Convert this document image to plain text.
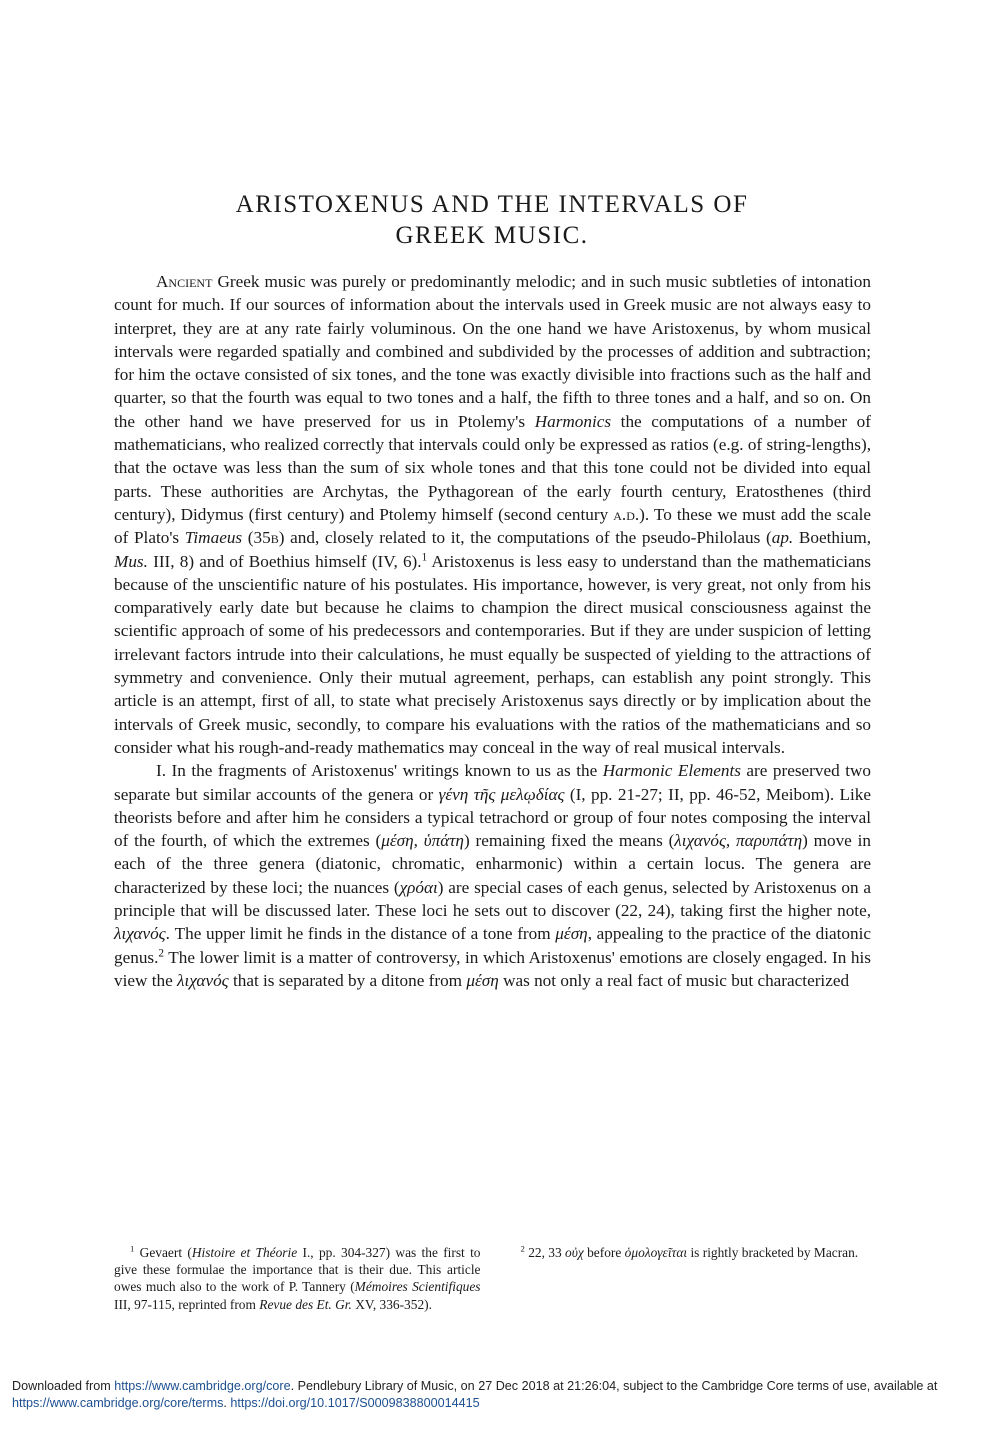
ARISTOXENUS AND THE INTERVALS OF
GREEK MUSIC.

Ancient Greek music was purely or predominantly melodic; and in such music subtleties of intonation count for much. If our sources of information about the intervals used in Greek music are not always easy to interpret, they are at any rate fairly voluminous. On the one hand we have Aristoxenus, by whom musical intervals were regarded spatially and combined and subdivided by the processes of addition and subtraction; for him the octave consisted of six tones, and the tone was exactly divisible into fractions such as the half and quarter, so that the fourth was equal to two tones and a half, the fifth to three tones and a half, and so on. On the other hand we have preserved for us in Ptolemy's Harmonics the computations of a number of mathematicians, who realized correctly that intervals could only be expressed as ratios (e.g. of string-lengths), that the octave was less than the sum of six whole tones and that this tone could not be divided into equal parts. These authorities are Archytas, the Pythagorean of the early fourth century, Eratosthenes (third century), Didymus (first century) and Ptolemy himself (second century a.d.). To these we must add the scale of Plato's Timaeus (35b) and, closely related to it, the computations of the pseudo-Philolaus (ap. Boethium, Mus. III, 8) and of Boethius himself (IV, 6).$^1$ Aristoxenus is less easy to understand than the mathematicians because of the unscientific nature of his postulates. His importance, however, is very great, not only from his comparatively early date but because he claims to champion the direct musical consciousness against the scientific approach of some of his predecessors and contemporaries. But if they are under suspicion of letting irrelevant factors intrude into their calculations, he must equally be suspected of yielding to the attractions of symmetry and convenience. Only their mutual agreement, perhaps, can establish any point strongly. This article is an attempt, first of all, to state what precisely Aristoxenus says directly or by implication about the intervals of Greek music, secondly, to compare his evaluations with the ratios of the mathematicians and so consider what his rough-and-ready mathematics may conceal in the way of real musical intervals.

I. In the fragments of Aristoxenus' writings known to us as the Harmonic Elements are preserved two separate but similar accounts of the genera or γένη τῆς μελῳδίας (I, pp. 21-27; II, pp. 46-52, Meibom). Like theorists before and after him he considers a typical tetrachord or group of four notes composing the interval of the fourth, of which the extremes (μέση, ὑπάτη) remaining fixed the means (λιχανός, παρυπάτη) move in each of the three genera (diatonic, chromatic, enharmonic) within a certain locus. The genera are characterized by these loci; the nuances (χρόαι) are special cases of each genus, selected by Aristoxenus on a principle that will be discussed later. These loci he sets out to discover (22, 24), taking first the higher note, λιχανός. The upper limit he finds in the distance of a tone from μέση, appealing to the practice of the diatonic genus.$^2$ The lower limit is a matter of controversy, in which Aristoxenus' emotions are closely engaged. In his view the λιχανός that is separated by a ditone from μέση was not only a real fact of music but characterized

$^1$ Gevaert (Histoire et Théorie I., pp. 304-327) was the first to give these formulae the importance that is their due. This article owes much also to the work of P. Tannery (Mémoires Scientifiques III, 97-115, reprinted from Revue des Et. Gr. XV, 336-352).

$^2$ 22, 33 οὐχ before ὁμολογεῖται is rightly bracketed by Macran.

Downloaded from https://www.cambridge.org/core. Pendlebury Library of Music, on 27 Dec 2018 at 21:26:04, subject to the Cambridge Core terms of use, available at https://www.cambridge.org/core/terms. https://doi.org/10.1017/S0009838800014415
